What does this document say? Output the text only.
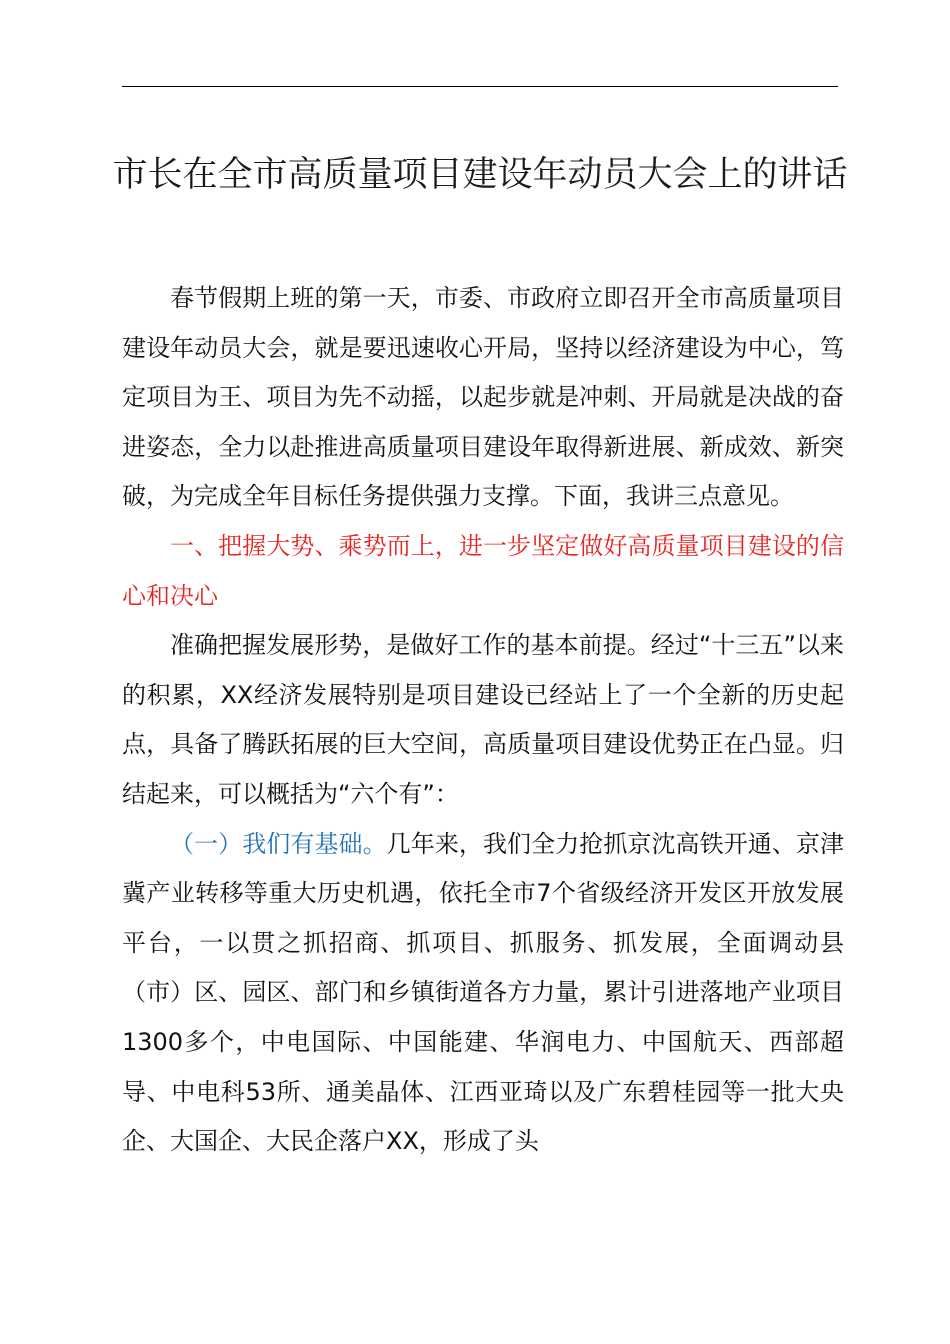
市长在全市高质量项目建设年动员大会上的讲话

春节假期上班的第一天，市委、市政府立即召开全市高质量项目建设年动员大会，就是要迅速收心开局，坚持以经济建设为中心，笃定项目为王、项目为先不动摇，以起步就是冲刺、开局就是决战的奋进姿态，全力以赴推进高质量项目建设年取得新进展、新成效、新突破，为完成全年目标任务提供强力支撑。下面，我讲三点意见。

一、把握大势、乘势而上，进一步坚定做好高质量项目建设的信心和决心

准确把握发展形势，是做好工作的基本前提。经过“十三五”以来的积累，XX经济发展特别是项目建设已经站上了一个全新的历史起点，具备了腾跃拓展的巨大空间，高质量项目建设优势正在凸显。归结起来，可以概括为“六个有”：

（一）我们有基础。几年来，我们全力抢抓京沈高铁开通、京津冀产业转移等重大历史机遇，依托全市7个省级经济开发区开放发展平台，一以贯之抓招商、抓项目、抓服务、抓发展，全面调动县（市）区、园区、部门和乡镇街道各方力量，累计引进落地产业项目1300多个，中电国际、中国能建、华润电力、中国航天、西部超导、中电科53所、通美晶体、江西亚琦以及广东碧桂园等一批大央企、大国企、大民企落户XX，形成了头
